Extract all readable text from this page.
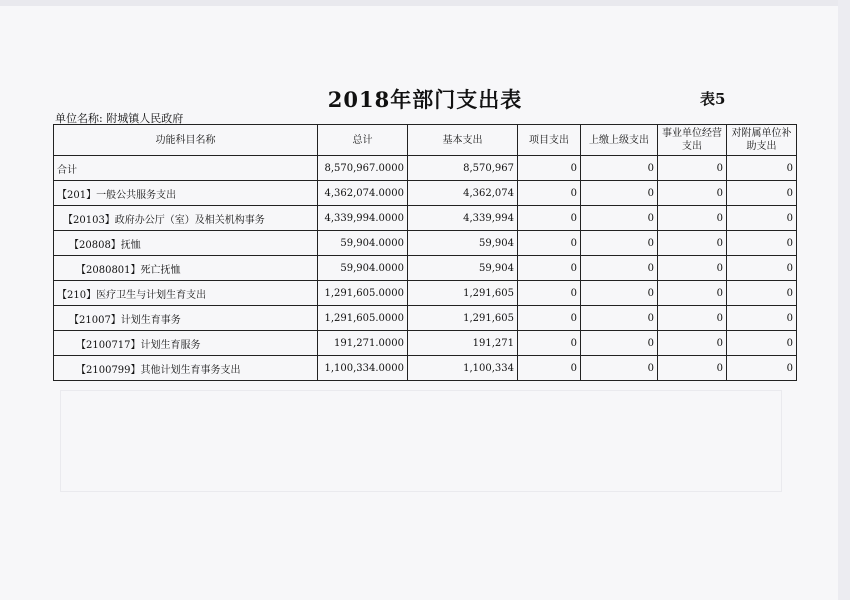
2018年部门支出表	表5
单位名称: 附城镇人民政府
功能科目名称	总计	基本支出	项目支出	上缴上级支出	事业单位经营支出	对附属单位补助支出
合计	8,570,967.0000	8,570,967	0	0	0	0
【201】一般公共服务支出	4,362,074.0000	4,362,074	0	0	0	0
【20103】政府办公厅（室）及相关机构事务	4,339,994.0000	4,339,994	0	0	0	0
【20808】抚恤	59,904.0000	59,904	0	0	0	0
【2080801】死亡抚恤	59,904.0000	59,904	0	0	0	0
【210】医疗卫生与计划生育支出	1,291,605.0000	1,291,605	0	0	0	0
【21007】计划生育事务	1,291,605.0000	1,291,605	0	0	0	0
【2100717】计划生育服务	191,271.0000	191,271	0	0	0	0
【2100799】其他计划生育事务支出	1,100,334.0000	1,100,334	0	0	0	0
